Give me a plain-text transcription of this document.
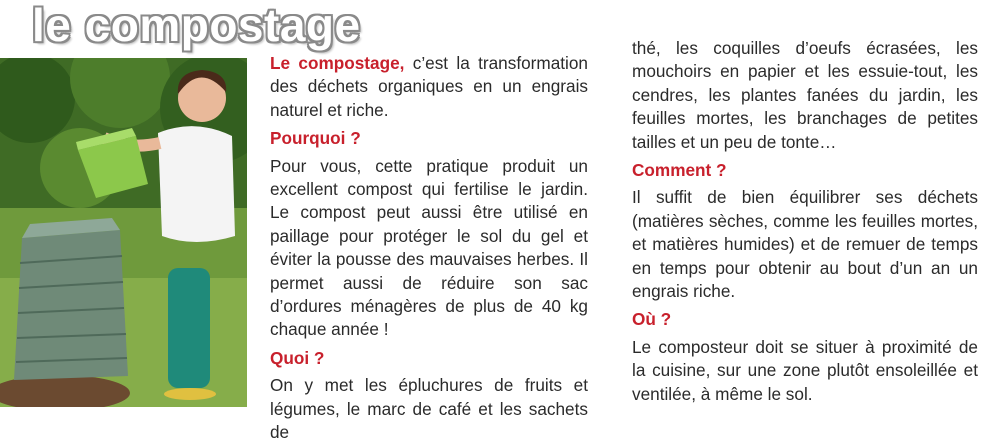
le compostage

Le compostage, c’est la transformation des déchets organiques en un engrais naturel et riche.

Pourquoi ?

Pour vous, cette pratique produit un excellent compost qui fertilise le jardin. Le compost peut aussi être utilisé en paillage pour protéger le sol du gel et éviter la pousse des mauvaises herbes. Il permet aussi de réduire son sac d’ordures ménagères de plus de 40 kg chaque année !

Quoi ?

On y met les épluchures de fruits et légumes, le marc de café et les sachets de

thé, les coquilles d’oeufs écrasées, les mouchoirs en papier et les essuie-tout, les cendres, les plantes fanées du jardin, les feuilles mortes, les branchages de petites tailles et un peu de tonte…

Comment ?

Il suffit de bien équilibrer ses déchets (matières sèches, comme les feuilles mortes, et matières humides) et de remuer de temps en temps pour obtenir au bout d’un an un engrais riche.

Où ?

Le composteur doit se situer à proximité de la cuisine, sur une zone plutôt ensoleillée et ventilée, à même le sol.
